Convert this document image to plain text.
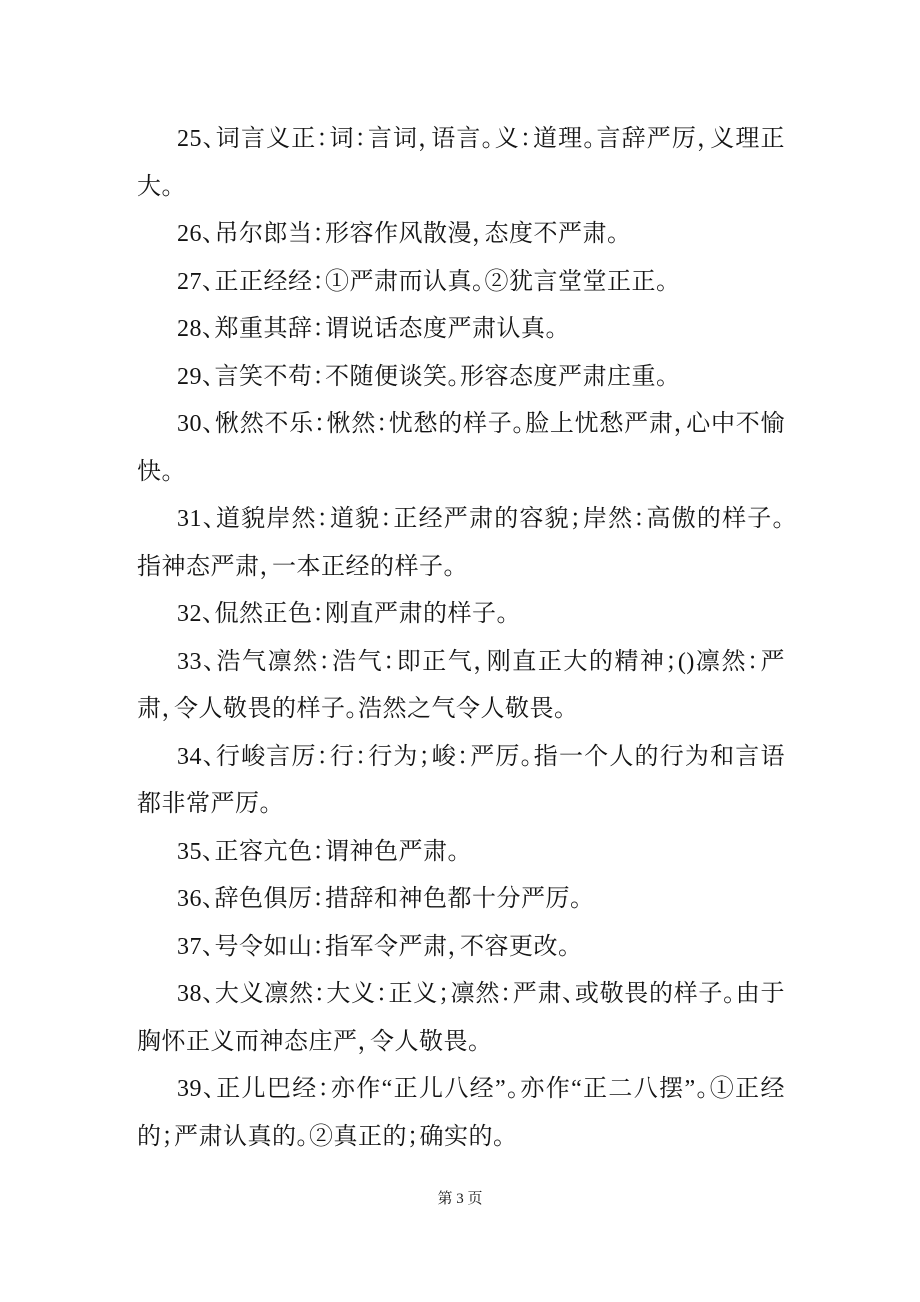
25、词言义正：词：言词，语言。义：道理。言辞严厉，义理正大。

26、吊尔郎当：形容作风散漫，态度不严肃。

27、正正经经：①严肃而认真。②犹言堂堂正正。

28、郑重其辞：谓说话态度严肃认真。

29、言笑不苟：不随便谈笑。形容态度严肃庄重。

30、愀然不乐：愀然：忧愁的样子。脸上忧愁严肃，心中不愉快。

31、道貌岸然：道貌：正经严肃的容貌；岸然：高傲的样子。指神态严肃，一本正经的样子。

32、侃然正色：刚直严肃的样子。

33、浩气凛然：浩气：即正气，刚直正大的精神；()凛然：严肃，令人敬畏的样子。浩然之气令人敬畏。

34、行峻言厉：行：行为；峻：严厉。指一个人的行为和言语都非常严厉。

35、正容亢色：谓神色严肃。

36、辞色俱厉：措辞和神色都十分严厉。

37、号令如山：指军令严肃，不容更改。

38、大义凛然：大义：正义；凛然：严肃、或敬畏的样子。由于胸怀正义而神态庄严，令人敬畏。

39、正儿巴经：亦作“正儿八经”。亦作“正二八摆”。①正经的；严肃认真的。②真正的；确实的。

第 3 页
